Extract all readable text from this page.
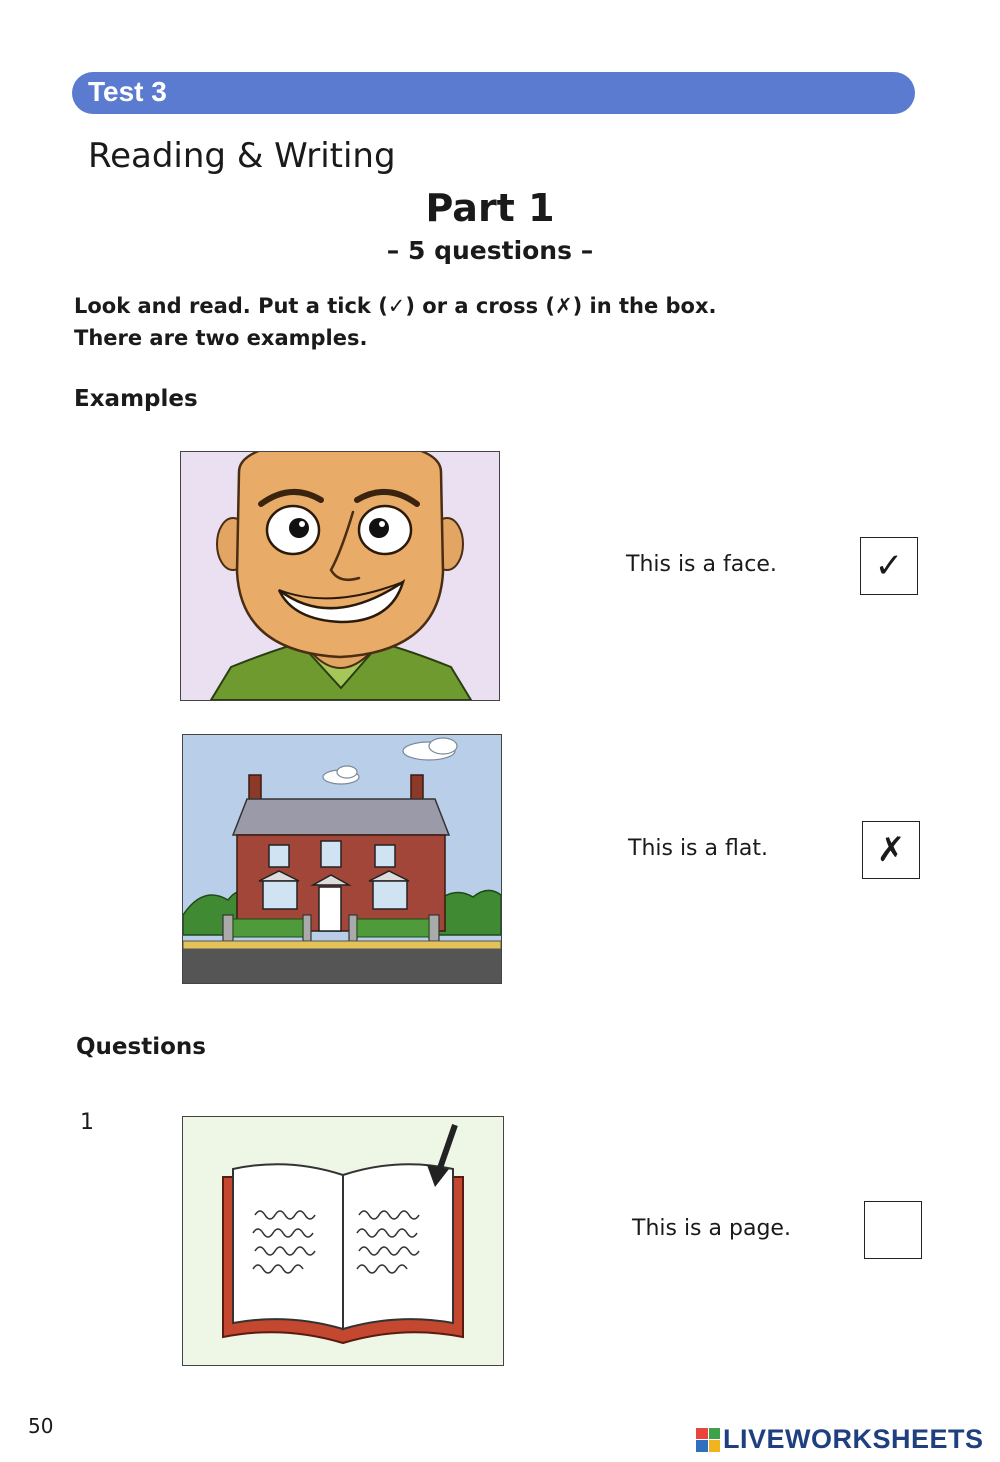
Test 3
Reading & Writing
Part 1
– 5 questions –
Look and read. Put a tick (✓) or a cross (✗) in the box.
There are two examples.
Examples
This is a face.	✓
This is a flat.	✗
Questions
1
This is a page.
50	LIVEWORKSHEETS
